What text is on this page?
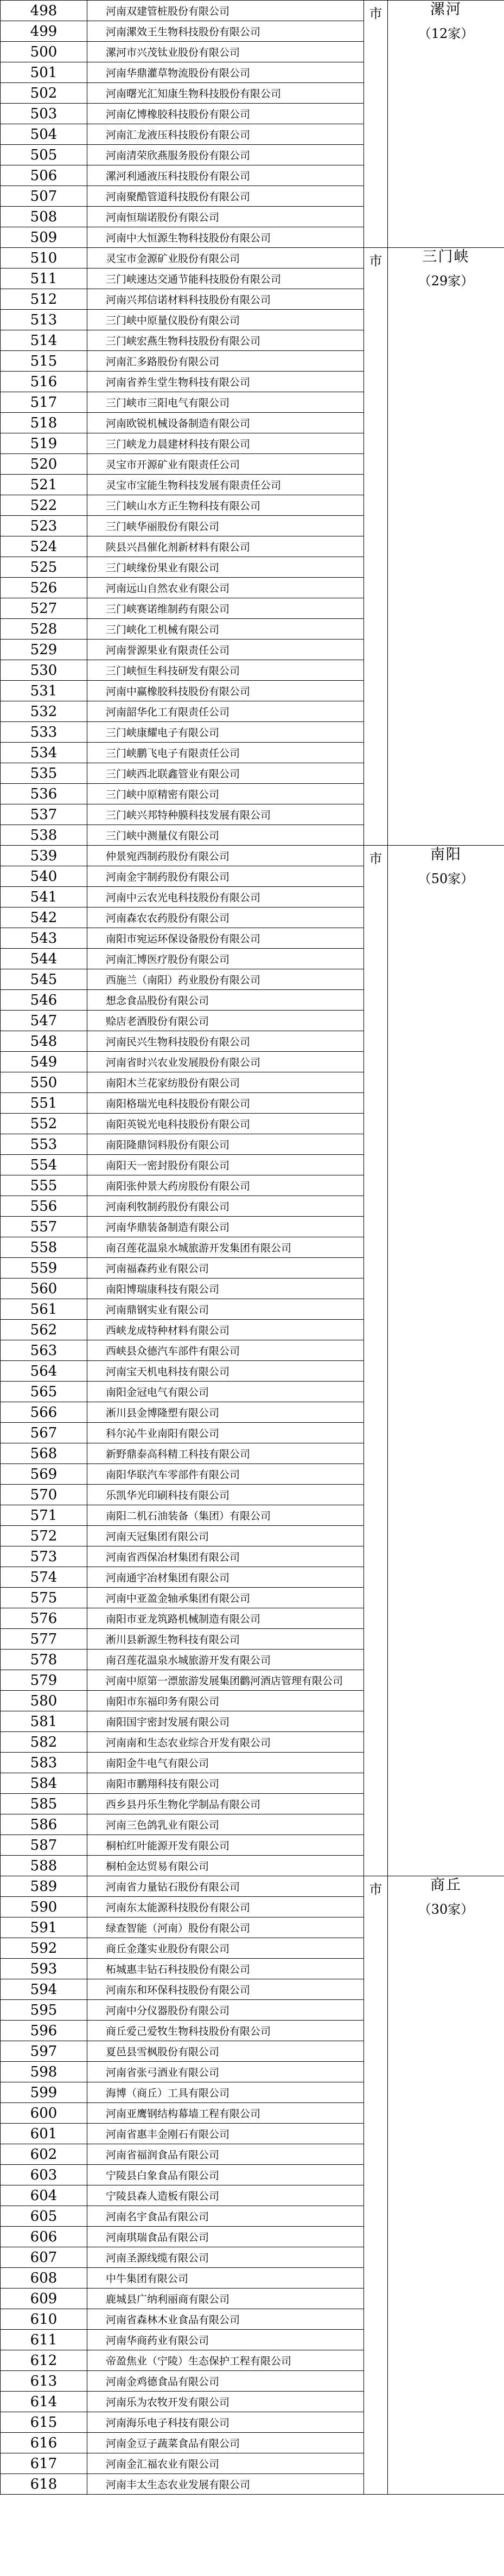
498	河南双建管桩股份有限公司	市	漯河
（12家）

499	河南漯效王生物科技股份有限公司		
500	漯河市兴茂钛业股份有限公司		
501	河南华鼎灌草物流股份有限公司		
502	河南曙光汇知康生物科技股份有限公司		
503	河南亿博橡胶科技股份有限公司		
504	河南汇龙液压科技股份有限公司		
505	河南清荣欣燕服务股份有限公司		
506	漯河利通液压科技股份有限公司		
507	河南聚酷管道科技股份有限公司		
508	河南恒瑞诺股份有限公司		
509	河南中大恒源生物科技股份有限公司		
510	灵宝市金源矿业股份有限公司	市	三门峡
（29家）

511	三门峡速达交通节能科技股份有限公司		
512	河南兴邦信诺材料科技股份有限公司		
513	三门峡中原量仪股份有限公司		
514	三门峡宏燕生物科技股份有限公司		
515	河南汇多路股份有限公司		
516	河南省养生堂生物科技有限公司		
517	三门峡市三阳电气有限公司		
518	河南欧锐机械设备制造有限公司		
519	三门峡龙力晨建材科技有限公司		
520	灵宝市开源矿业有限责任公司		
521	灵宝市宝能生物科技发展有限责任公司		
522	三门峡山水方正生物科技有限公司		
523	三门峡华丽股份有限公司		
524	陕县兴昌催化剂新材料有限公司		
525	三门峡缘份果业有限公司		
526	河南远山自然农业有限公司		
527	三门峡赛诺维制药有限公司		
528	三门峡化工机械有限公司		
529	河南誉源果业有限责任公司		
530	三门峡恒生科技研发有限公司		
531	河南中赢橡胶科技股份有限公司		
532	河南韶华化工有限责任公司		
533	三门峡康耀电子有限公司		
534	三门峡鹏飞电子有限责任公司		
535	三门峡西北联鑫管业有限公司		
536	三门峡中原精密有限公司		
537	三门峡兴邦特种膜科技发展有限公司		
538	三门峡中测量仪有限公司		
539	仲景宛西制药股份有限公司	市	南阳
（50家）

540	河南金宇制药股份有限公司		
541	河南中云农光电科技股份有限公司		
542	河南森农农药股份有限公司		
543	南阳市宛运环保设备股份有限公司		
544	河南汇博医疗股份有限公司		
545	西施兰（南阳）药业股份有限公司		
546	想念食品股份有限公司		
547	赊店老酒股份有限公司		
548	河南民兴生物科技股份有限公司		
549	河南省时兴农业发展股份有限公司		
550	南阳木兰花家纺股份有限公司		
551	南阳格瑞光电科技股份有限公司		
552	南阳英锐光电科技股份有限公司		
553	南阳隆鼎饲料股份有限公司		
554	南阳天一密封股份有限公司		
555	南阳张仲景大药房股份有限公司		
556	河南利牧制药股份有限公司		
557	河南华鼎装备制造有限公司		
558	南召莲花温泉水城旅游开发集团有限公司		
559	河南福森药业有限公司		
560	南阳博瑞康科技有限公司		
561	河南鼎钢实业有限公司		
562	西峡龙成特种材料有限公司		
563	西峡县众德汽车部件有限公司		
564	河南宝天机电科技有限公司		
565	南阳金冠电气有限公司		
566	淅川县金博隆塑有限公司		
567	科尔沁牛业南阳有限公司		
568	新野鼎泰高科精工科技有限公司		
569	南阳华联汽车零部件有限公司		
570	乐凯华光印刷科技有限公司		
571	南阳二机石油装备（集团）有限公司		
572	河南天冠集团有限公司		
573	河南省西保冶材集团有限公司		
574	河南通宇冶材集团有限公司		
575	河南中亚盈金轴承集团有限公司		
576	南阳市亚龙筑路机械制造有限公司		
577	淅川县新源生物科技有限公司		
578	南召莲花温泉水城旅游开发有限公司		
579	河南中原第一漂旅游发展集团鹳河酒店管理有限公司		
580	南阳市东福印务有限公司		
581	南阳国宇密封发展有限公司		
582	河南南和生态农业综合开发有限公司		
583	南阳金牛电气有限公司		
584	南阳市鹏翔科技有限公司		
585	西乡县丹乐生物化学制品有限公司		
586	河南三色鸽乳业有限公司		
587	桐柏红叶能源开发有限公司		
588	桐柏金达贸易有限公司		
589	河南省力量钻石股份有限公司	市	商丘
（30家）

590	河南东太能源科技股份有限公司		
591	绿查智能（河南）股份有限公司		
592	商丘金蓬实业股份有限公司		
593	柘城惠丰钻石科技股份有限公司		
594	河南东和环保科技股份有限公司		
595	河南中分仪器股份有限公司		
596	商丘爱己爱牧生物科技股份有限公司		
597	夏邑县雪枫股份有限公司		
598	河南省张弓酒业有限公司		
599	海博（商丘）工具有限公司		
600	河南亚鹰钢结构幕墙工程有限公司		
601	河南省惠丰金刚石有限公司		
602	河南省福润食品有限公司		
603	宁陵县白象食品有限公司		
604	宁陵县森人造板有限公司		
605	河南名宇食品有限公司		
606	河南琪瑞食品有限公司		
607	河南圣源线缆有限公司		
608	中牛集团有限公司		
609	鹿城县广纳利丽商有限公司		
610	河南省森林木业食品有限公司		
611	河南华商药业有限公司		
612	帝盈焦业（宁陵）生态保护工程有限公司		
613	河南金鸡德食品有限公司		
614	河南乐为农牧开发有限公司		
615	河南海乐电子科技有限公司		
616	河南金豆子蔬菜食品有限公司		
617	河南金汇福农业有限公司		
618	河南丰太生态农业发展有限公司		
